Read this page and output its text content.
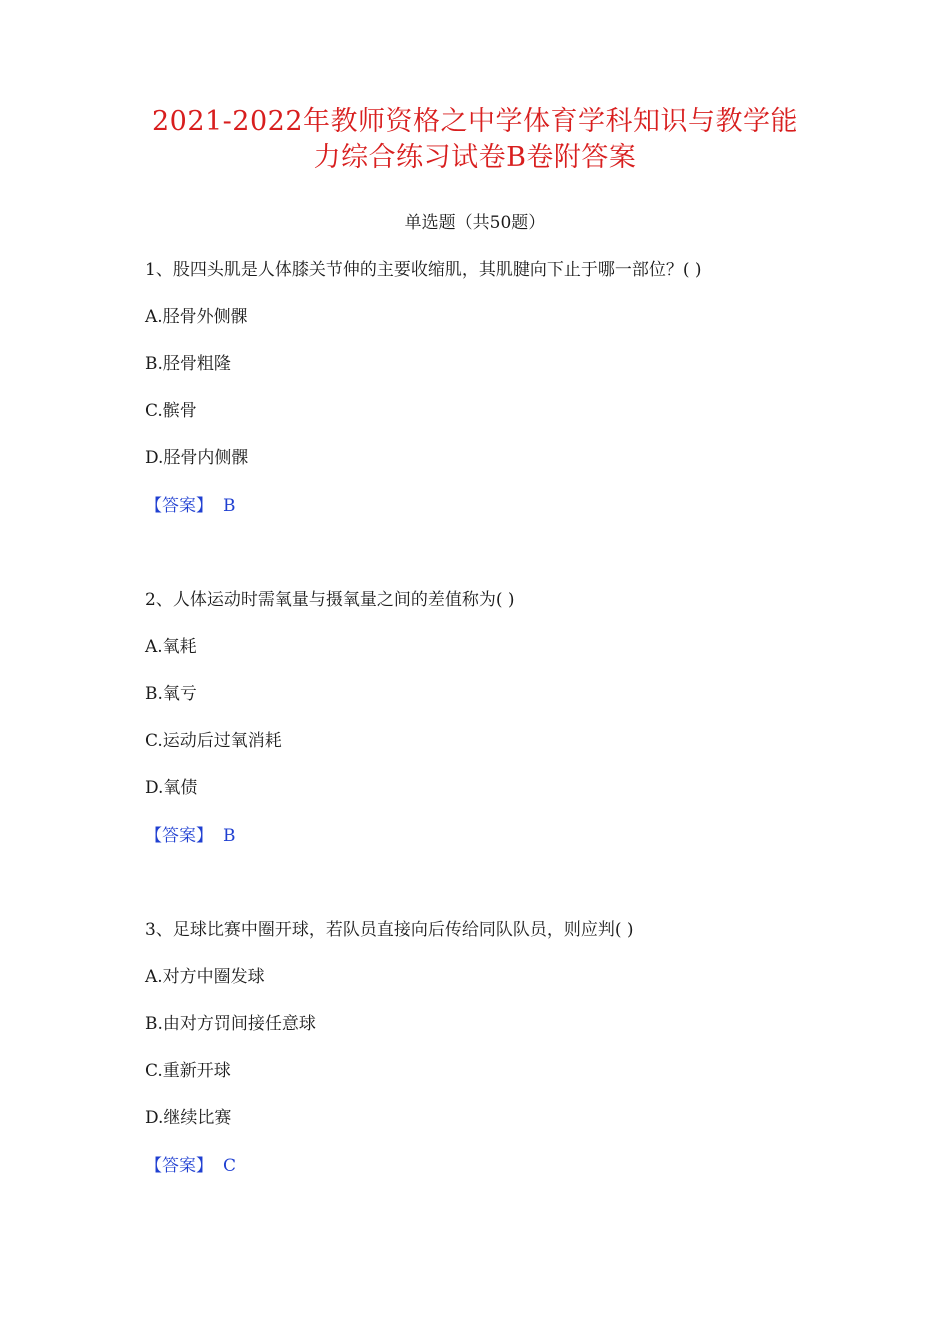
2021-2022年教师资格之中学体育学科知识与教学能
力综合练习试卷B卷附答案
单选题（共50题）
1、股四头肌是人体膝关节伸的主要收缩肌，其肌腱向下止于哪一部位？( )
A.胫骨外侧髁
B.胫骨粗隆
C.髌骨
D.胫骨内侧髁
【答案】 B
2、人体运动时需氧量与摄氧量之间的差值称为( )
A.氧耗
B.氧亏
C.运动后过氧消耗
D.氧债
【答案】 B
3、足球比赛中圈开球，若队员直接向后传给同队队员，则应判( )
A.对方中圈发球
B.由对方罚间接任意球
C.重新开球
D.继续比赛
【答案】 C
